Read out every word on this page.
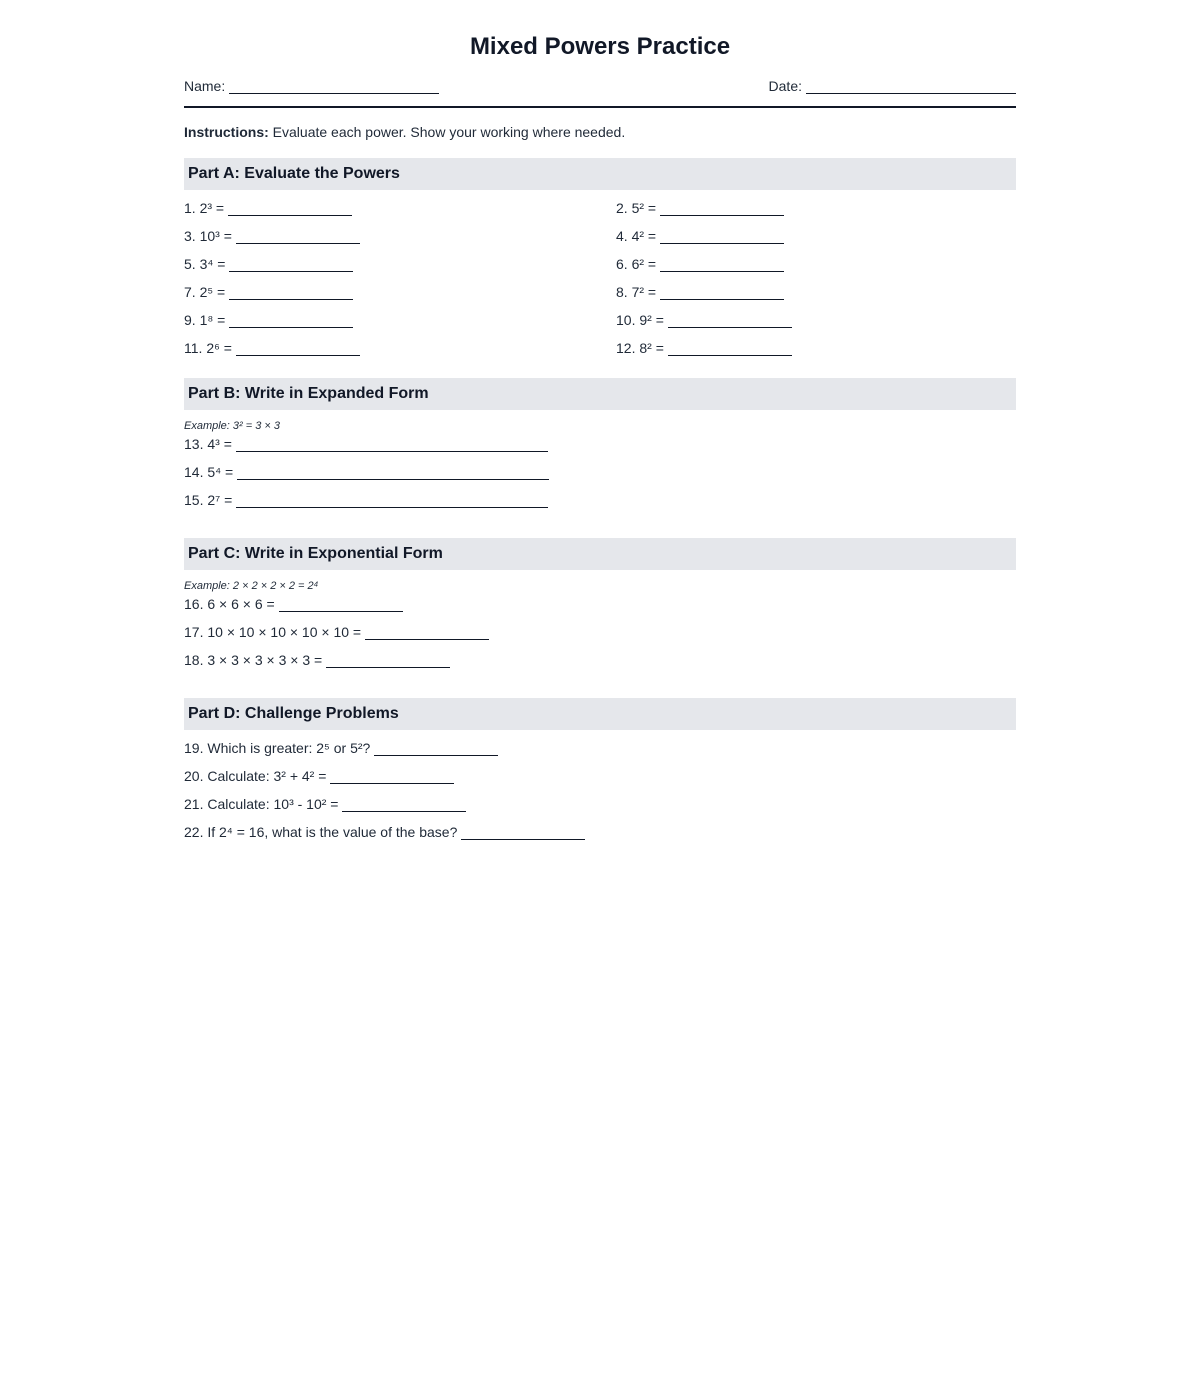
Mixed Powers Practice
Name:	Date:
Instructions: Evaluate each power. Show your working where needed.
Part A: Evaluate the Powers
1. 2³ =	2. 5² =
3. 10³ =	4. 4² =
5. 3⁴ =	6. 6² =
7. 2⁵ =	8. 7² =
9. 1⁸ =	10. 9² =
11. 2⁶ =	12. 8² =
Part B: Write in Expanded Form
Example: 3² = 3 × 3
13. 4³ =
14. 5⁴ =
15. 2⁷ =
Part C: Write in Exponential Form
Example: 2 × 2 × 2 × 2 = 2⁴
16. 6 × 6 × 6 =
17. 10 × 10 × 10 × 10 × 10 =
18. 3 × 3 × 3 × 3 × 3 =
Part D: Challenge Problems
19. Which is greater: 2⁵ or 5²?
20. Calculate: 3² + 4² =
21. Calculate: 10³ - 10² =
22. If 2⁴ = 16, what is the value of the base?
